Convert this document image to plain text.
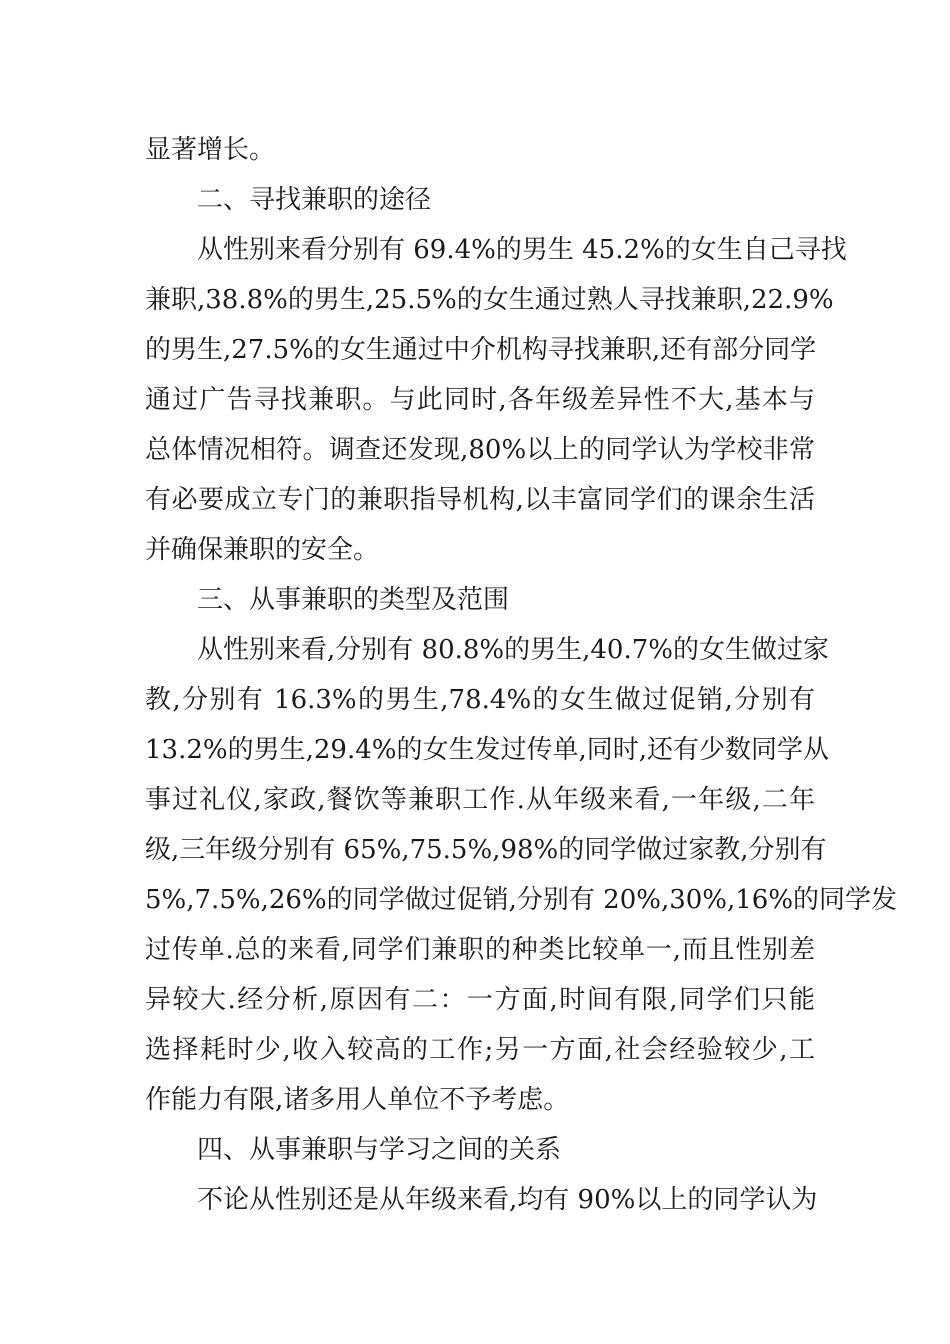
显著增长。
二、寻找兼职的途径
从性别来看分别有 69.4%的男生 45.2%的女生自己寻找
兼职,38.8%的男生,25.5%的女生通过熟人寻找兼职,22.9%
的男生,27.5%的女生通过中介机构寻找兼职,还有部分同学
通过广告寻找兼职。与此同时,各年级差异性不大,基本与
总体情况相符。调查还发现,80%以上的同学认为学校非常
有必要成立专门的兼职指导机构,以丰富同学们的课余生活
并确保兼职的安全。
三、从事兼职的类型及范围
从性别来看,分别有 80.8%的男生,40.7%的女生做过家
教,分别有 16.3%的男生,78.4%的女生做过促销,分别有
13.2%的男生,29.4%的女生发过传单,同时,还有少数同学从
事过礼仪,家政,餐饮等兼职工作.从年级来看,一年级,二年
级,三年级分别有 65%,75.5%,98%的同学做过家教,分别有
5%,7.5%,26%的同学做过促销,分别有 20%,30%,16%的同学发
过传单.总的来看,同学们兼职的种类比较单一,而且性别差
异较大.经分析,原因有二：一方面,时间有限,同学们只能
选择耗时少,收入较高的工作;另一方面,社会经验较少,工
作能力有限,诸多用人单位不予考虑。
四、从事兼职与学习之间的关系
不论从性别还是从年级来看,均有 90%以上的同学认为
